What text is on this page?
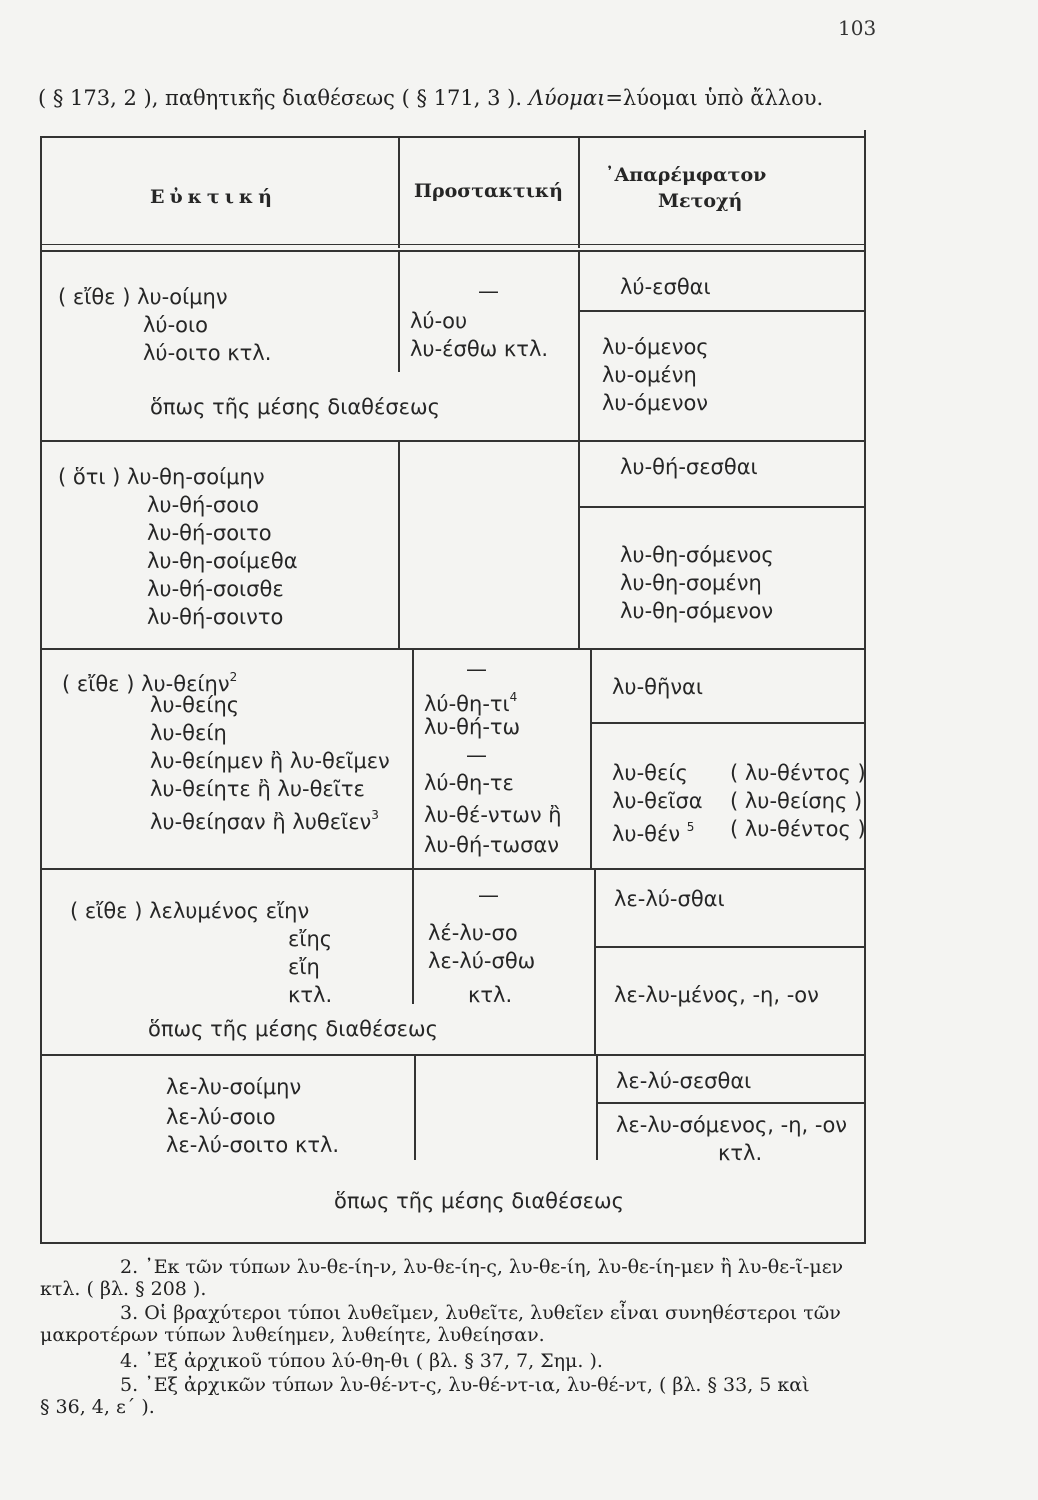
103
( § 173, 2 ), παθητικῆς διαθέσεως ( § 171, 3 ). Λύομαι=λύομαι ὑπὸ ἄλλου.
Εὐκτική	Προστακτική
᾿Απαρέμφατον
Μετοχή
( εἴθε ) λυ-οίμην
λύ-οιο
λύ-οιτο κτλ.
—
λύ-ου
λυ-έσθω κτλ.
λύ-εσθαι
λυ-όμενος
λυ-ομένη
λυ-όμενον
ὅπως τῆς μέσης διαθέσεως
( ὅτι ) λυ-θη-σοίμην
λυ-θή-σοιο
λυ-θή-σοιτο
λυ-θη-σοίμεθα
λυ-θή-σοισθε
λυ-θή-σοιντο
λυ-θή-σεσθαι
λυ-θη-σόμενος
λυ-θη-σομένη
λυ-θη-σόμενον
( εἴθε ) λυ-θείην$^2$
λυ-θείης
λυ-θείη
λυ-θείημεν ἢ λυ-θεῖμεν
λυ-θείητε ἢ λυ-θεῖτε
λυ-θείησαν ἢ λυθεῖεν$^3$
—
$\lambda ύ-\theta\eta-\tau\iota^4$
λυ-θή-τω
—
λύ-θη-τε
λυ-θέ-ντων ἢ
λυ-θή-τωσαν
λυ-θῆναι
λυ-θείς
λυ-θεῖσα
λυ-θέν $^5$
( λυ-θέντος )
( λυ-θείσης )
( λυ-θέντος )
( εἴθε ) λελυμένος εἴην
εἴης
εἴη
κτλ.
—
λέ-λυ-σο
λε-λύ-σθω
κτλ.
λε-λύ-σθαι
λε-λυ-μένος, -η, -ον
ὅπως τῆς μέσης διαθέσεως
λε-λυ-σοίμην
λε-λύ-σοιο
λε-λύ-σοιτο κτλ.
λε-λύ-σεσθαι
λε-λυ-σόμενος, -η, -ον
κτλ.
ὅπως τῆς μέσης διαθέσεως
2. ᾿Εκ τῶν τύπων λυ-θε-ίη-ν, λυ-θε-ίη-ς, λυ-θε-ίη, λυ-θε-ίη-μεν ἢ λυ-θε-ῖ-μεν
κτλ. ( βλ. § 208 ).
3. Οἱ βραχύτεροι τύποι λυθεῖμεν, λυθεῖτε, λυθεῖεν εἶναι συνηθέστεροι τῶν
μακροτέρων τύπων λυθείημεν, λυθείητε, λυθείησαν.
4. ᾿Εξ ἀρχικοῦ τύπου λύ-θη-θι ( βλ. § 37, 7, Σημ. ).
5. ᾿Εξ ἀρχικῶν τύπων λυ-θέ-ντ-ς, λυ-θέ-ντ-ια, λυ-θέ-ντ, ( βλ. § 33, 5 καὶ
§ 36, 4, ε΄ ).
